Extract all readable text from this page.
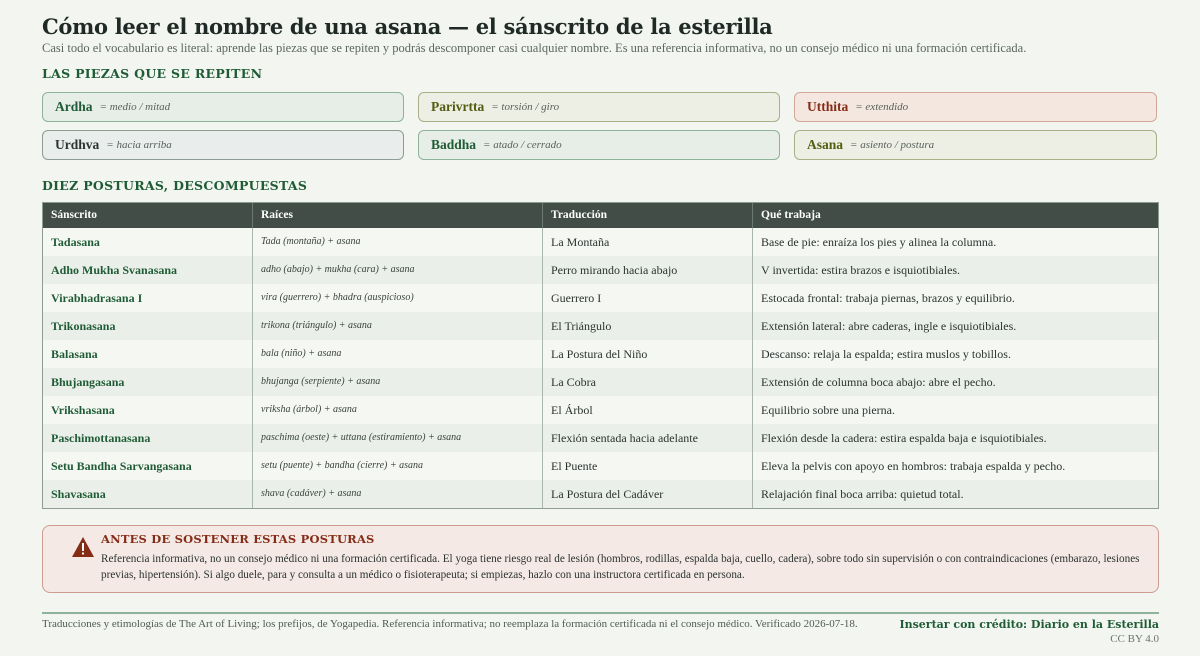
Cómo leer el nombre de una asana — el sánscrito de la esterilla

Casi todo el vocabulario es literal: aprende las piezas que se repiten y podrás descomponer casi cualquier nombre. Es una referencia informativa, no un consejo médico ni una formación certificada.

LAS PIEZAS QUE SE REPITEN
Ardha = medio / mitad	Parivrtta = torsión / giro	Utthita = extendido
Urdhva = hacia arriba	Baddha = atado / cerrado	Asana = asiento / postura
DIEZ POSTURAS, DESCOMPUESTAS
Sánscrito	Raíces	Traducción	Qué trabaja
Tadasana	Tada (montaña) + asana	La Montaña	Base de pie: enraíza los pies y alinea la columna.
Adho Mukha Svanasana	adho (abajo) + mukha (cara) + asana	Perro mirando hacia abajo	V invertida: estira brazos e isquiotibiales.
Virabhadrasana I	vira (guerrero) + bhadra (auspicioso)	Guerrero I	Estocada frontal: trabaja piernas, brazos y equilibrio.
Trikonasana	trikona (triángulo) + asana	El Triángulo	Extensión lateral: abre caderas, ingle e isquiotibiales.
Balasana	bala (niño) + asana	La Postura del Niño	Descanso: relaja la espalda; estira muslos y tobillos.
Bhujangasana	bhujanga (serpiente) + asana	La Cobra	Extensión de columna boca abajo: abre el pecho.
Vrikshasana	vriksha (árbol) + asana	El Árbol	Equilibrio sobre una pierna.
Paschimottanasana	paschima (oeste) + uttana (estiramiento) + asana	Flexión sentada hacia adelante	Flexión desde la cadera: estira espalda baja e isquiotibiales.
Setu Bandha Sarvangasana	setu (puente) + bandha (cierre) + asana	El Puente	Eleva la pelvis con apoyo en hombros: trabaja espalda y pecho.
Shavasana	shava (cadáver) + asana	La Postura del Cadáver	Relajación final boca arriba: quietud total.
ANTES DE SOSTENER ESTAS POSTURAS
Referencia informativa, no un consejo médico ni una formación certificada. El yoga tiene riesgo real de lesión (hombros, rodillas, espalda baja, cuello, cadera), sobre todo sin supervisión o con contraindicaciones (embarazo, lesiones previas, hipertensión). Si algo duele, para y consulta a un médico o fisioterapeuta; si empiezas, hazlo con una instructora certificada en persona.
Traducciones y etimologías de The Art of Living; los prefijos, de Yogapedia. Referencia informativa; no reemplaza la formación certificada ni el consejo médico. Verificado 2026-07-18.	Insertar con crédito: Diario en la Esterilla
CC BY 4.0
